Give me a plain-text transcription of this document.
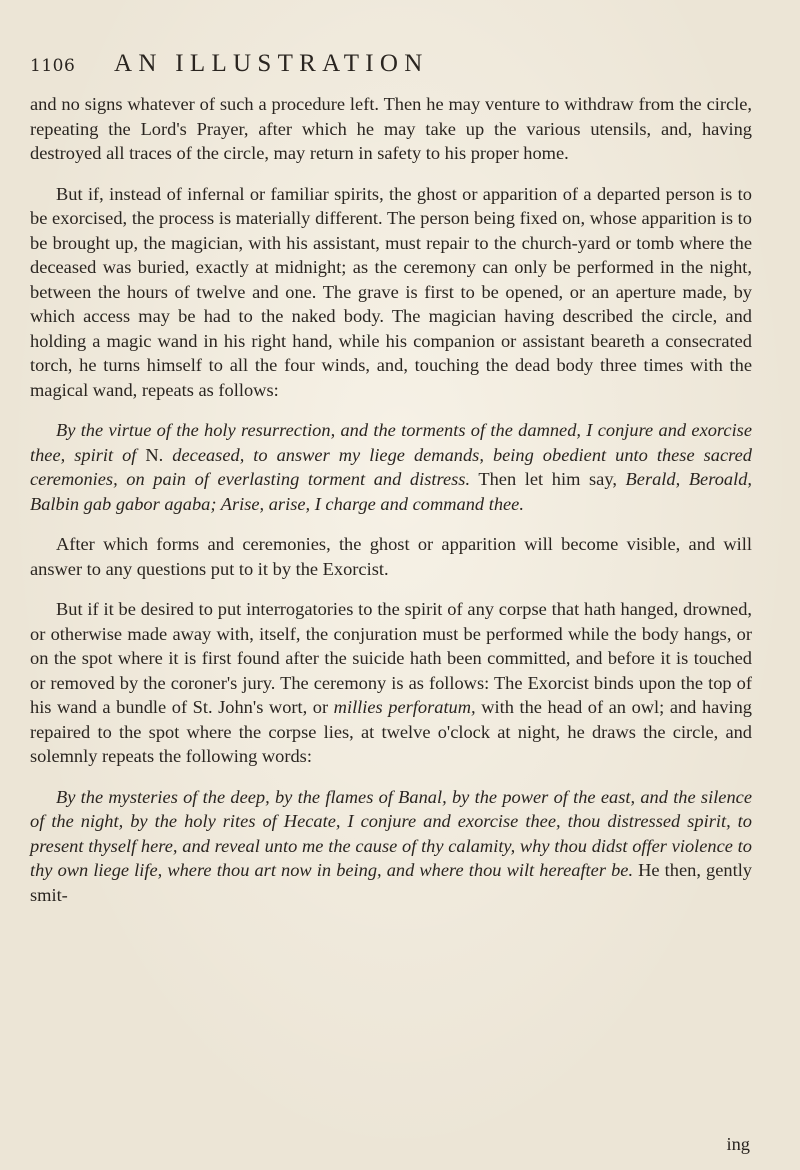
1106 AN ILLUSTRATION

and no signs whatever of such a procedure left. Then he may venture to withdraw from the circle, repeating the Lord's Prayer, after which he may take up the various utensils, and, having destroyed all traces of the circle, may return in safety to his proper home.

But if, instead of infernal or familiar spirits, the ghost or apparition of a departed person is to be exorcised, the process is materially different. The person being fixed on, whose apparition is to be brought up, the magician, with his assistant, must repair to the church-yard or tomb where the deceased was buried, exactly at midnight; as the ceremony can only be performed in the night, between the hours of twelve and one. The grave is first to be opened, or an aperture made, by which access may be had to the naked body. The magician having described the circle, and holding a magic wand in his right hand, while his companion or assistant beareth a consecrated torch, he turns himself to all the four winds, and, touching the dead body three times with the magical wand, repeats as follows:

By the virtue of the holy resurrection, and the torments of the damned, I conjure and exorcise thee, spirit of N. deceased, to answer my liege demands, being obedient unto these sacred ceremonies, on pain of everlasting torment and distress. Then let him say, Berald, Beroald, Balbin gab gabor agaba; Arise, arise, I charge and command thee.

After which forms and ceremonies, the ghost or apparition will become visible, and will answer to any questions put to it by the Exorcist.

But if it be desired to put interrogatories to the spirit of any corpse that hath hanged, drowned, or otherwise made away with, itself, the conjuration must be performed while the body hangs, or on the spot where it is first found after the suicide hath been committed, and before it is touched or removed by the coroner's jury. The ceremony is as follows: The Exorcist binds upon the top of his wand a bundle of St. John's wort, or millies perforatum, with the head of an owl; and having repaired to the spot where the corpse lies, at twelve o'clock at night, he draws the circle, and solemnly repeats the following words:

By the mysteries of the deep, by the flames of Banal, by the power of the east, and the silence of the night, by the holy rites of Hecate, I conjure and exorcise thee, thou distressed spirit, to present thyself here, and reveal unto me the cause of thy calamity, why thou didst offer violence to thy own liege life, where thou art now in being, and where thou wilt hereafter be. He then, gently smit-

ing
